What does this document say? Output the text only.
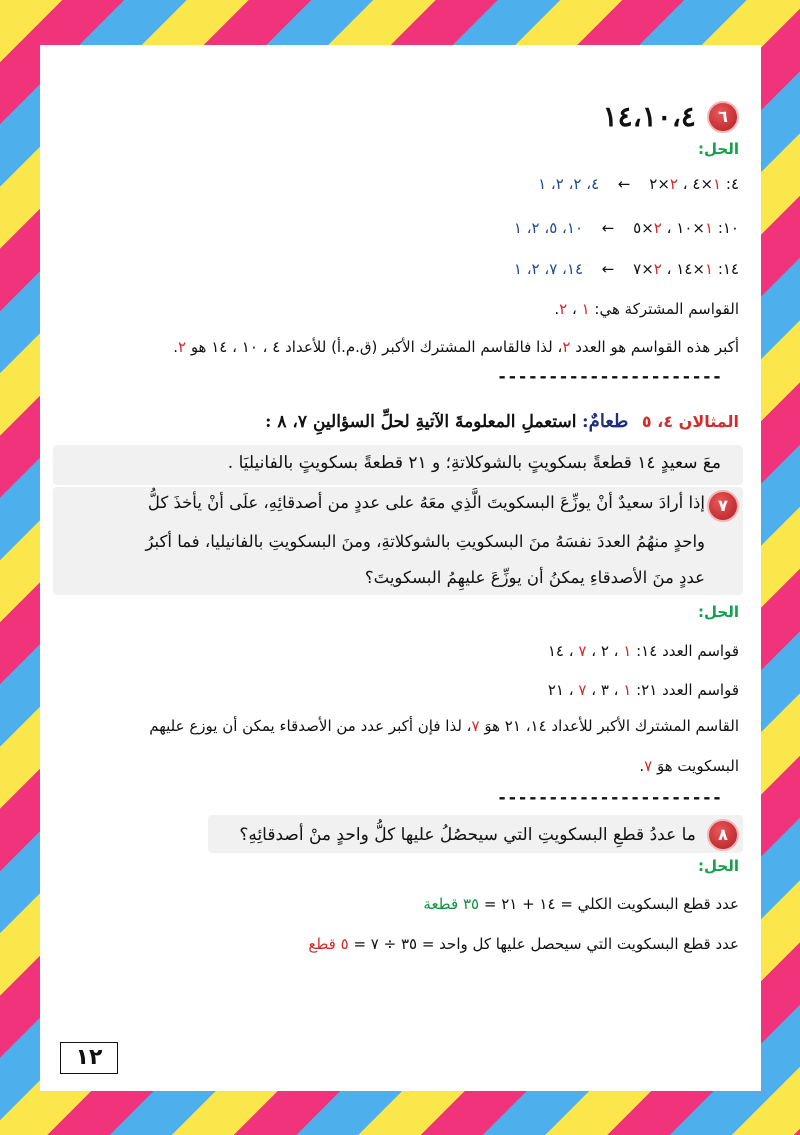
٦ ١٤،١٠،٤
الحل:
٤: ١×٤ ، ٢×٢ ← ٤، ٢، ٢، ١
١٠: ١×١٠ ، ٢×٥ ← ١٠، ٥، ٢، ١
١٤: ١×١٤ ، ٢×٧ ← ١٤، ٧، ٢، ١
القواسم المشتركة هي: ١ ، ٢.
أكبر هذه القواسم هو العدد ٢، لذا فالقاسم المشترك الأكبر (ق.م.أ) للأعداد ٤ ، ١٠ ، ١٤ هو ٢.
----------------------
المثالان ٤، ٥ طعامٌ: استعملِ المعلومةَ الآتيةِ لحلِّ السؤالينِ ٧، ٨ :
معَ سعيدٍ ١٤ قطعةً بسكويتٍ بالشوكلاتةِ؛ و ٢١ قطعةً بسكويتٍ بالفانيليَا .
٧
إذا أرادَ سعيدٌ أنْ يوزِّعَ البسكويتَ الَّذِي معَهُ على عددٍ من أصدقائِهِ، علَى أنْ يأخذَ كلُّ
واحدٍ منهُمُ العددَ نفسَهُ منَ البسكويتِ بالشوكلاتةِ، ومنَ البسكويتِ بالفانيليا، فما أكبرُ
عددٍ منَ الأصدقاءِ يمكنُ أن يوزِّعَ عليهِمُ البسكويتَ؟
الحل:
قواسم العدد ١٤: ١ ، ٢ ، ٧ ، ١٤
قواسم العدد ٢١: ١ ، ٣ ، ٧ ، ٢١
القاسم المشترك الأكبر للأعداد ١٤، ٢١ هوَ ٧، لذا فإن أكبر عدد من الأصدقاء يمكن أن يوزع عليهم
البسكويت هوَ ٧.
----------------------
٨ ما عددُ قطعِ البسكويتِ التي سيحصُلُ عليها كلُّ واحدٍ منْ أصدقائِهِ؟
الحل:
عدد قطع البسكويت الكلي = ١٤ + ٢١ = ٣٥ قطعة
عدد قطع البسكويت التي سيحصل عليها كل واحد = ٣٥ ÷ ٧ = ٥ قطع
١٢
